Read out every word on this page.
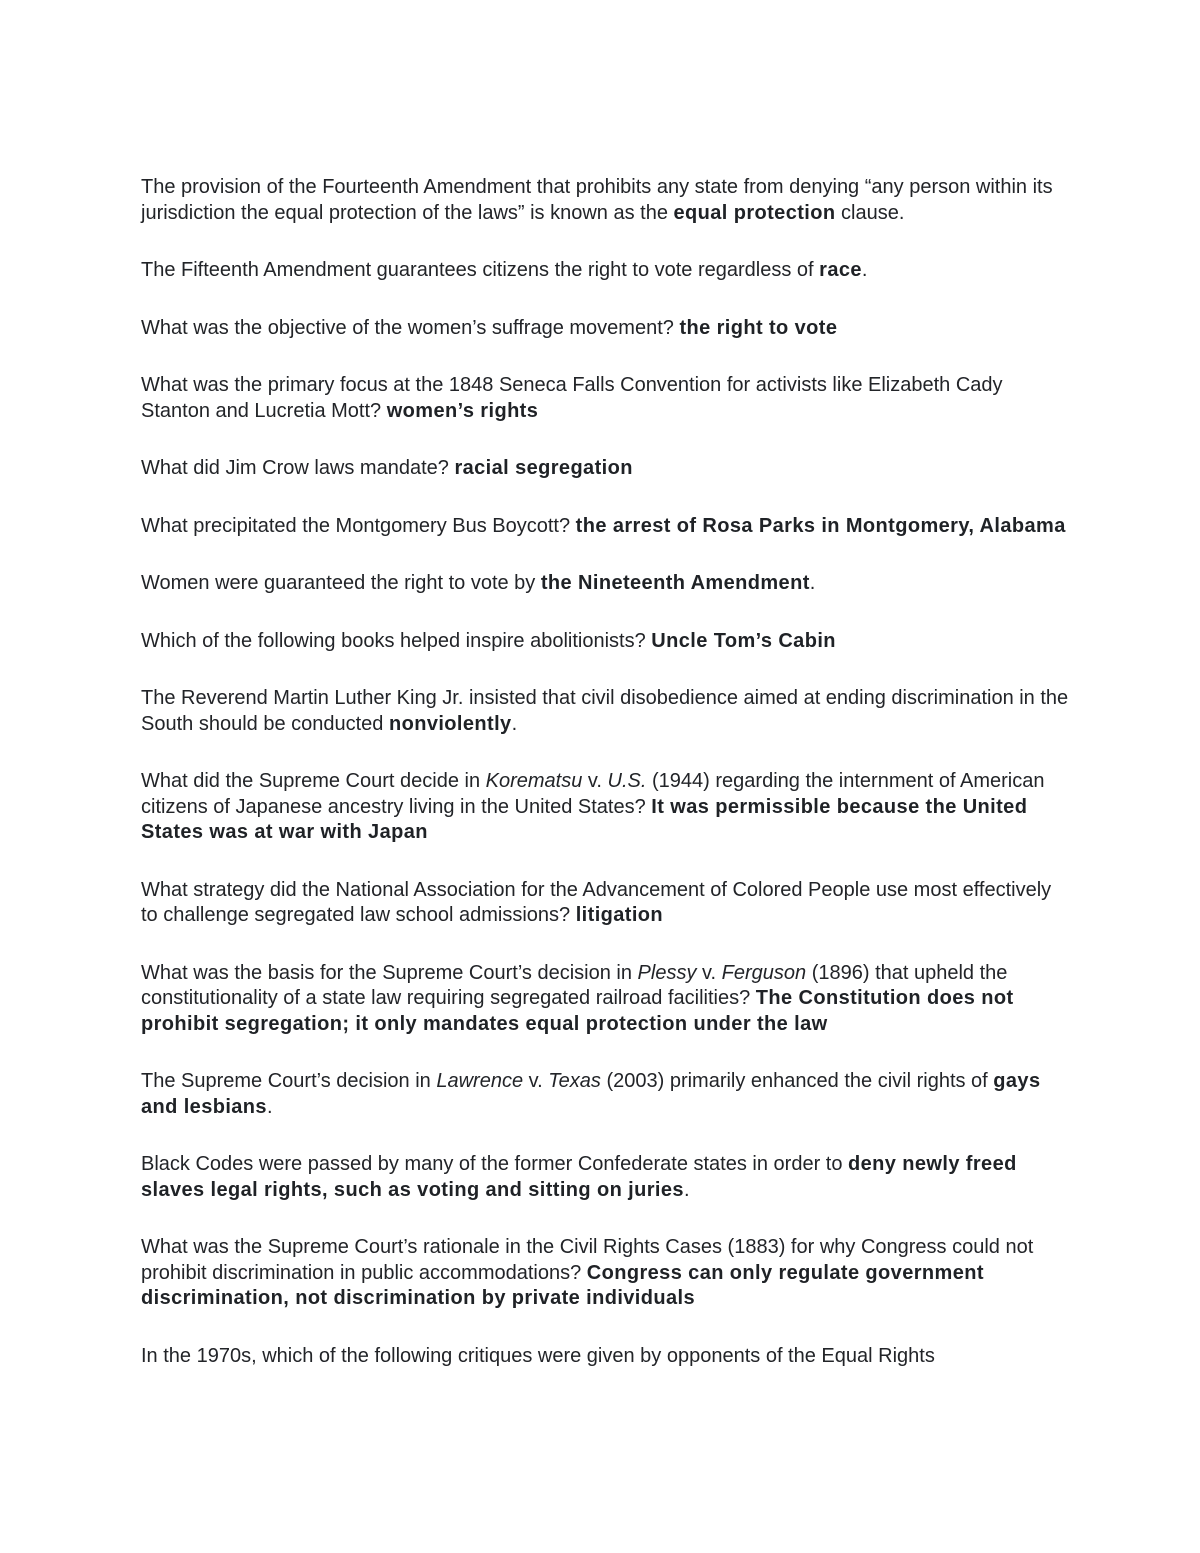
The provision of the Fourteenth Amendment that prohibits any state from denying “any person within its jurisdiction the equal protection of the laws” is known as the equal protection clause.

The Fifteenth Amendment guarantees citizens the right to vote regardless of race.

What was the objective of the women’s suffrage movement? the right to vote

What was the primary focus at the 1848 Seneca Falls Convention for activists like Elizabeth Cady Stanton and Lucretia Mott? women’s rights

What did Jim Crow laws mandate? racial segregation

What precipitated the Montgomery Bus Boycott? the arrest of Rosa Parks in Montgomery, Alabama

Women were guaranteed the right to vote by the Nineteenth Amendment.

Which of the following books helped inspire abolitionists? Uncle Tom’s Cabin

The Reverend Martin Luther King Jr. insisted that civil disobedience aimed at ending discrimination in the South should be conducted nonviolently.

What did the Supreme Court decide in Korematsu v. U.S. (1944) regarding the internment of American citizens of Japanese ancestry living in the United States? It was permissible because the United States was at war with Japan

What strategy did the National Association for the Advancement of Colored People use most effectively to challenge segregated law school admissions? litigation

What was the basis for the Supreme Court’s decision in Plessy v. Ferguson (1896) that upheld the constitutionality of a state law requiring segregated railroad facilities? The Constitution does not prohibit segregation; it only mandates equal protection under the law

The Supreme Court’s decision in Lawrence v. Texas (2003) primarily enhanced the civil rights of gays and lesbians.

Black Codes were passed by many of the former Confederate states in order to deny newly freed slaves legal rights, such as voting and sitting on juries.

What was the Supreme Court’s rationale in the Civil Rights Cases (1883) for why Congress could not prohibit discrimination in public accommodations? Congress can only regulate government discrimination, not discrimination by private individuals

In the 1970s, which of the following critiques were given by opponents of the Equal Rights
